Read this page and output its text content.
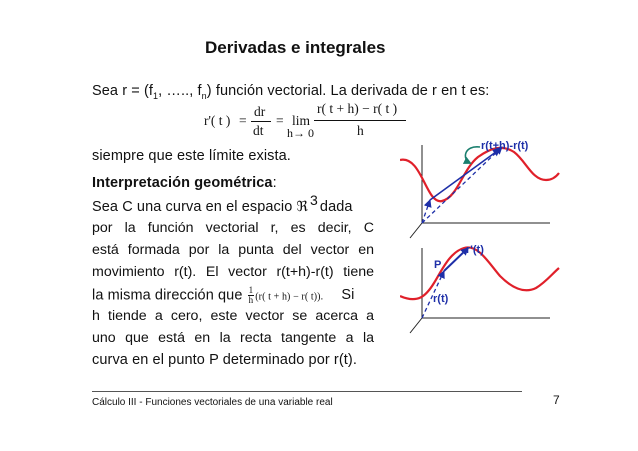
Derivadas e integrales
Sea $r = (f_1$, ….., $f_n$) función vectorial. La derivada de r en t es:
r'( t ) =
dr
dt
= lim
h→ 0
r( t + h) − r( t )
h
siempre que este límite exista.
Interpretación geométrica:
Sea C una curva en el espacio ℜ 3 dada
por la función vectorial r, es decir, C
está formada por la punta del vector en
movimiento r(t). El vector r(t+h)-r(t) tiene
la misma dirección que $\frac{1}{h} (r$( t + h) − r( t)). Si
h tiende a cero, este vector se acerca a
uno que está en la recta tangente a la
curva en el punto P determinado por r(t).
r(t+h)-r(t)
r'(t)
P
r(t)
Cálculo III - Funciones vectoriales de una variable real	7
